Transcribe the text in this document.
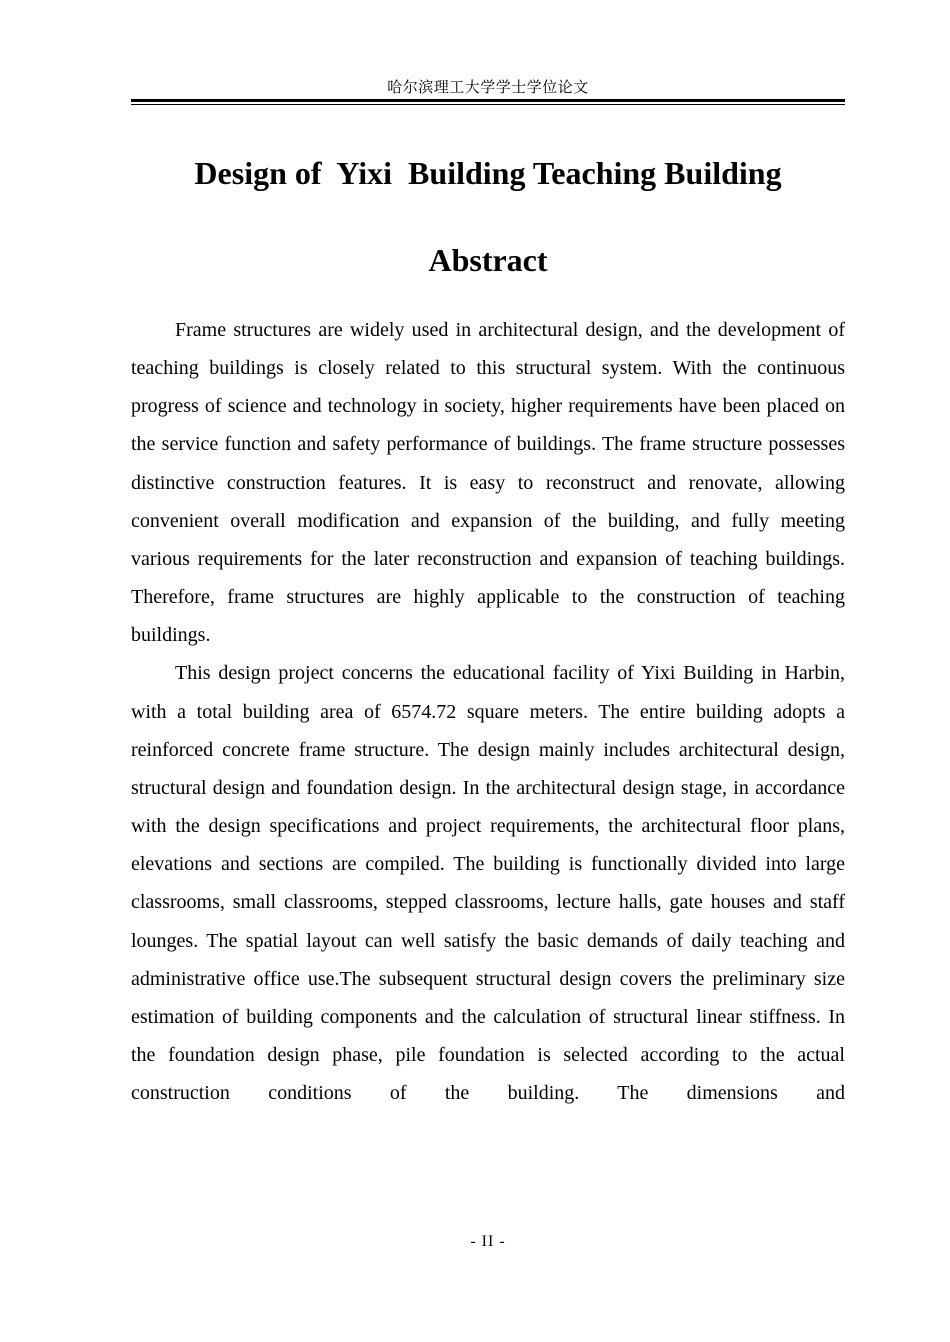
哈尔滨理工大学学士学位论文
Design of  Yixi  Building Teaching Building
Abstract

Frame structures are widely used in architectural design, and the development of teaching buildings is closely related to this structural system. With the continuous progress of science and technology in society, higher requirements have been placed on the service function and safety performance of buildings. The frame structure possesses distinctive construction features. It is easy to reconstruct and renovate, allowing convenient overall modification and expansion of the building, and fully meeting various requirements for the later reconstruction and expansion of teaching buildings. Therefore, frame structures are highly applicable to the construction of teaching buildings.

This design project concerns the educational facility of Yixi Building in Harbin, with a total building area of 6574.72 square meters. The entire building adopts a reinforced concrete frame structure. The design mainly includes architectural design, structural design and foundation design. In the architectural design stage, in accordance with the design specifications and project requirements, the architectural floor plans, elevations and sections are compiled. The building is functionally divided into large classrooms, small classrooms, stepped classrooms, lecture halls, gate houses and staff lounges. The spatial layout can well satisfy the basic demands of daily teaching and administrative office use.The subsequent structural design covers the preliminary size estimation of building components and the calculation of structural linear stiffness. In the foundation design phase, pile foundation is selected according to the actual construction conditions of the building. The dimensions and

- II -
